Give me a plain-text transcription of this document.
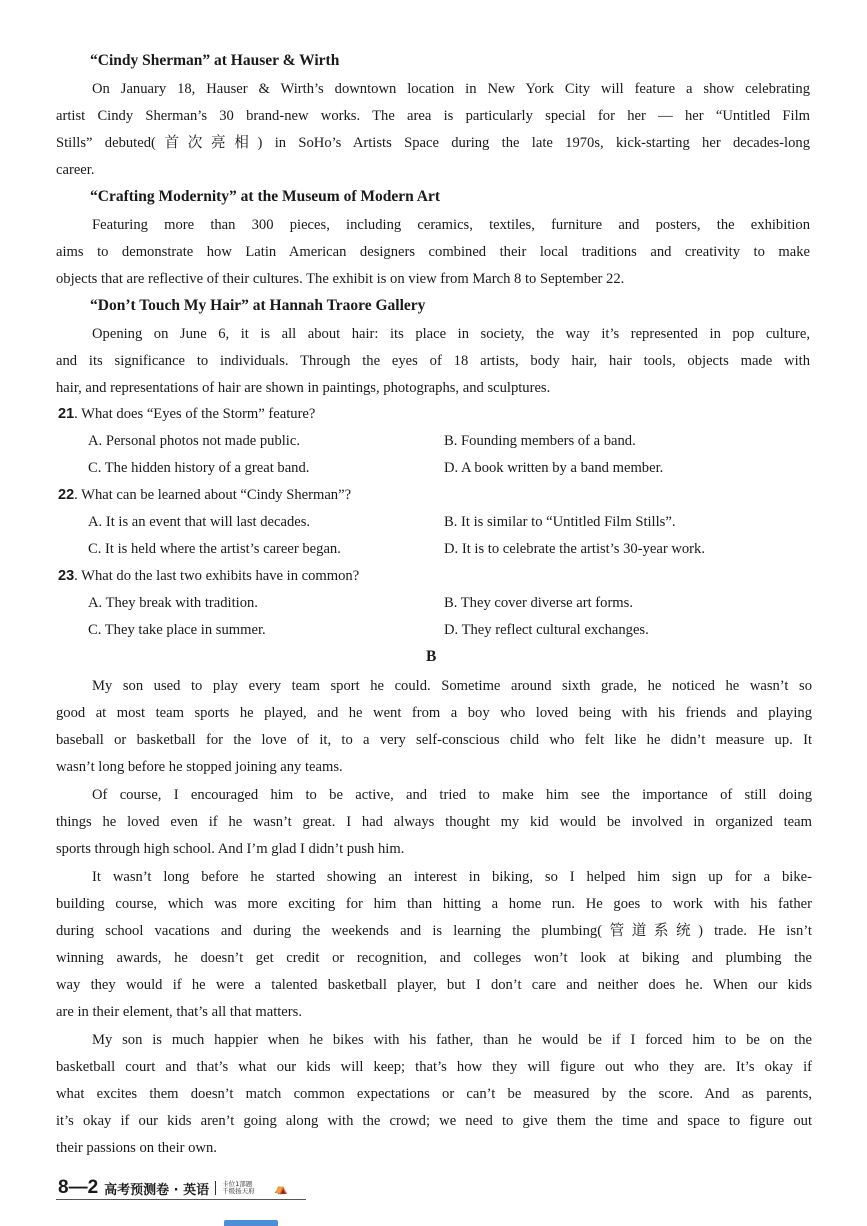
“Cindy Sherman” at Hauser & Wirth
On January 18, Hauser & Wirth’s downtown location in New York City will feature a show celebrating
artist Cindy Sherman’s 30 brand-new works. The area is particularly special for her — her “Untitled Film
Stills” debuted(首次亮相) in SoHo’s Artists Space during the late 1970s, kick-starting her decades-long
career.
“Crafting Modernity” at the Museum of Modern Art
Featuring more than 300 pieces, including ceramics, textiles, furniture and posters, the exhibition
aims to demonstrate how Latin American designers combined their local traditions and creativity to make
objects that are reflective of their cultures. The exhibit is on view from March 8 to September 22.
“Don’t Touch My Hair” at Hannah Traore Gallery
Opening on June 6, it is all about hair: its place in society, the way it’s represented in pop culture,
and its significance to individuals. Through the eyes of 18 artists, body hair, hair tools, objects made with
hair, and representations of hair are shown in paintings, photographs, and sculptures.
21. What does “Eyes of the Storm” feature?
A. Personal photos not made public.	B. Founding members of a band.
C. The hidden history of a great band.	D. A book written by a band member.
22. What can be learned about “Cindy Sherman”?
A. It is an event that will last decades.	B. It is similar to “Untitled Film Stills”.
C. It is held where the artist’s career began.	D. It is to celebrate the artist’s 30-year work.
23. What do the last two exhibits have in common?
A. They break with tradition.	B. They cover diverse art forms.
C. They take place in summer.	D. They reflect cultural exchanges.
B
My son used to play every team sport he could. Sometime around sixth grade, he noticed he wasn’t so
good at most team sports he played, and he went from a boy who loved being with his friends and playing
baseball or basketball for the love of it, to a very self-conscious child who felt like he didn’t measure up. It
wasn’t long before he stopped joining any teams.
Of course, I encouraged him to be active, and tried to make him see the importance of still doing
things he loved even if he wasn’t great. I had always thought my kid would be involved in organized team
sports through high school. And I’m glad I didn’t push him.
It wasn’t long before he started showing an interest in biking, so I helped him sign up for a bike-
building course, which was more exciting for him than hitting a home run. He goes to work with his father
during school vacations and during the weekends and is learning the plumbing(管道系统) trade. He isn’t
winning awards, he doesn’t get credit or recognition, and colleges won’t look at biking and plumbing the
way they would if he were a talented basketball player, but I don’t care and neither does he. When our kids
are in their element, that’s all that matters.
My son is much happier when he bikes with his father, than he would be if I forced him to be on the
basketball court and that’s what our kids will keep; that’s how they will figure out who they are. It’s okay if
what excites them doesn’t match common expectations or can’t be measured by the score. And as parents,
it’s okay if our kids aren’t going along with the crowd; we need to give them the time and space to figure out
their passions on their own.
8—2 高考预测卷 · 英语 卡位1部题
千级扬天府	⛺
